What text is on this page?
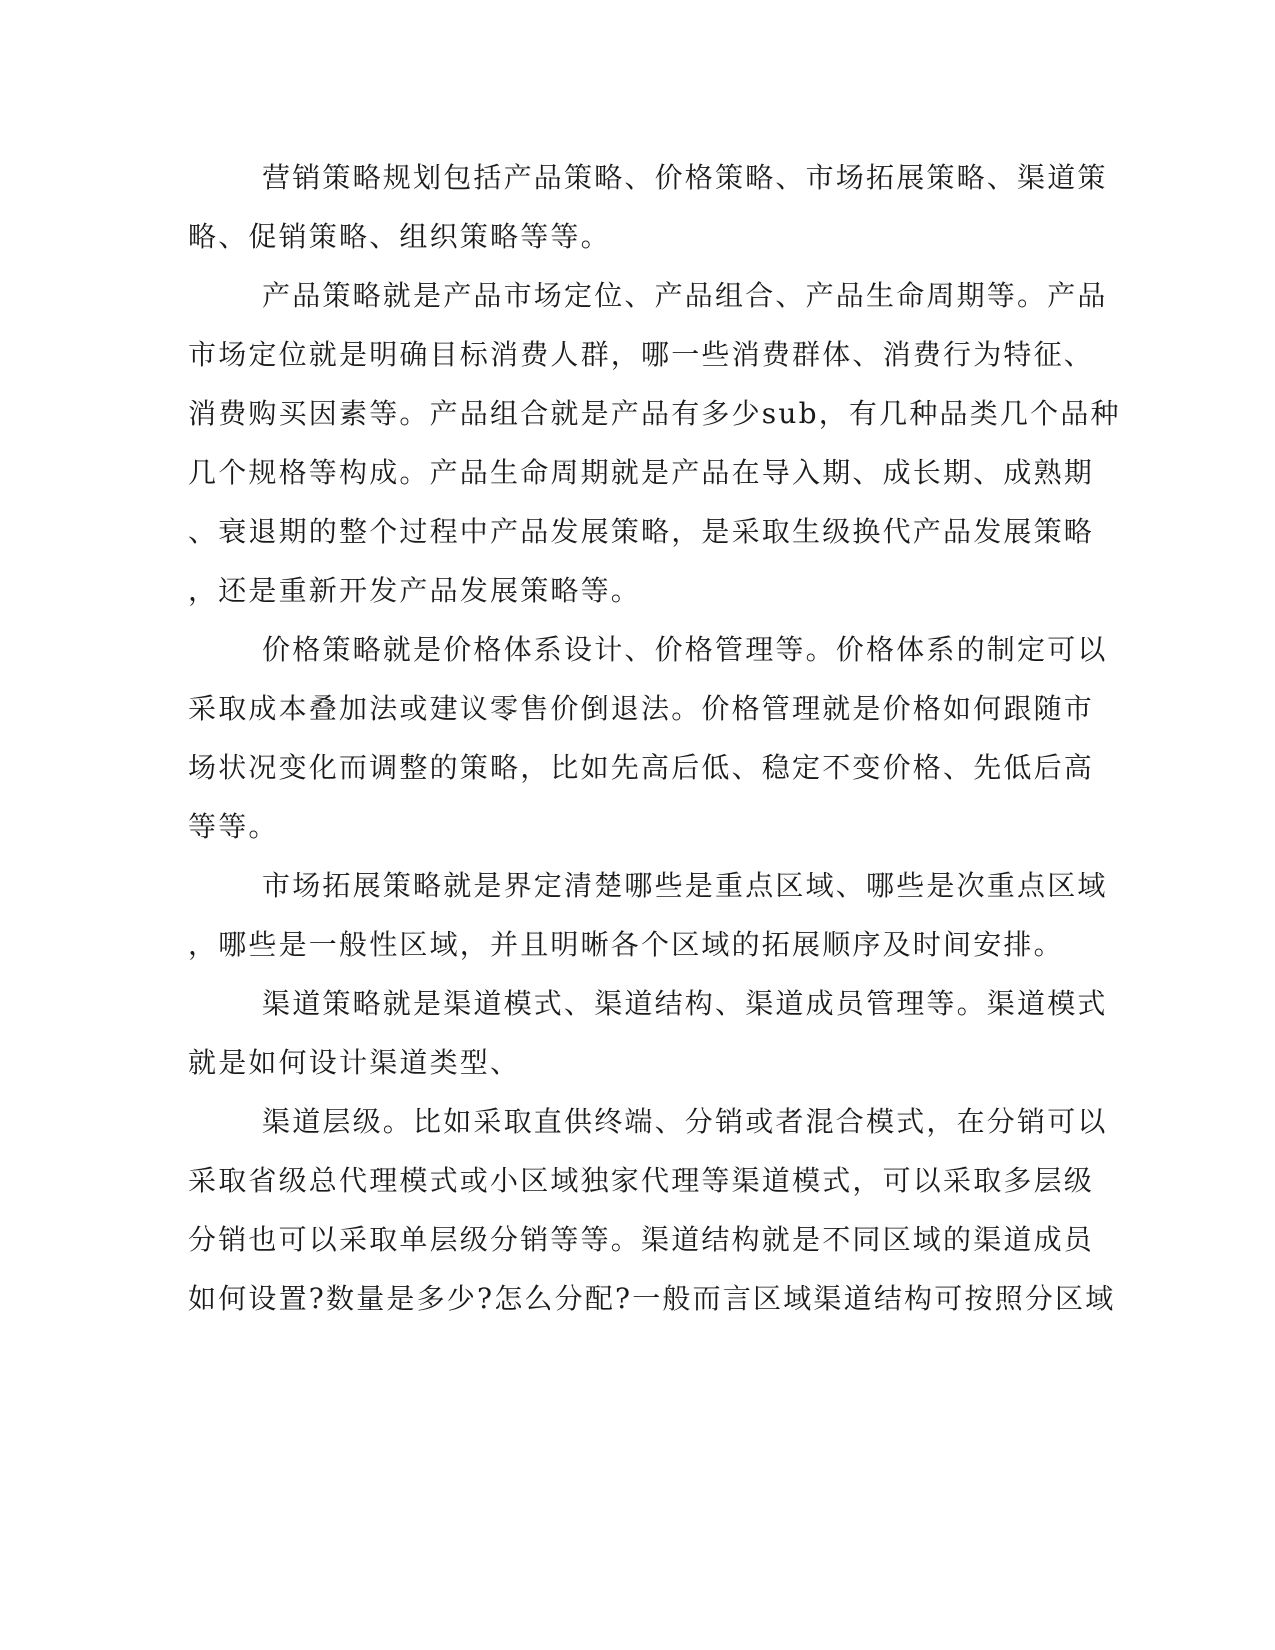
营销策略规划包括产品策略、价格策略、市场拓展策略、渠道策
略、促销策略、组织策略等等。
产品策略就是产品市场定位、产品组合、产品生命周期等。产品
市场定位就是明确目标消费人群，哪一些消费群体、消费行为特征、
消费购买因素等。产品组合就是产品有多少sub，有几种品类几个品种
几个规格等构成。产品生命周期就是产品在导入期、成长期、成熟期
、衰退期的整个过程中产品发展策略，是采取生级换代产品发展策略
，还是重新开发产品发展策略等。
价格策略就是价格体系设计、价格管理等。价格体系的制定可以
采取成本叠加法或建议零售价倒退法。价格管理就是价格如何跟随市
场状况变化而调整的策略，比如先高后低、稳定不变价格、先低后高
等等。
市场拓展策略就是界定清楚哪些是重点区域、哪些是次重点区域
，哪些是一般性区域，并且明晰各个区域的拓展顺序及时间安排。
渠道策略就是渠道模式、渠道结构、渠道成员管理等。渠道模式
就是如何设计渠道类型、
渠道层级。比如采取直供终端、分销或者混合模式，在分销可以
采取省级总代理模式或小区域独家代理等渠道模式，可以采取多层级
分销也可以采取单层级分销等等。渠道结构就是不同区域的渠道成员
如何设置?数量是多少?怎么分配?一般而言区域渠道结构可按照分区域
